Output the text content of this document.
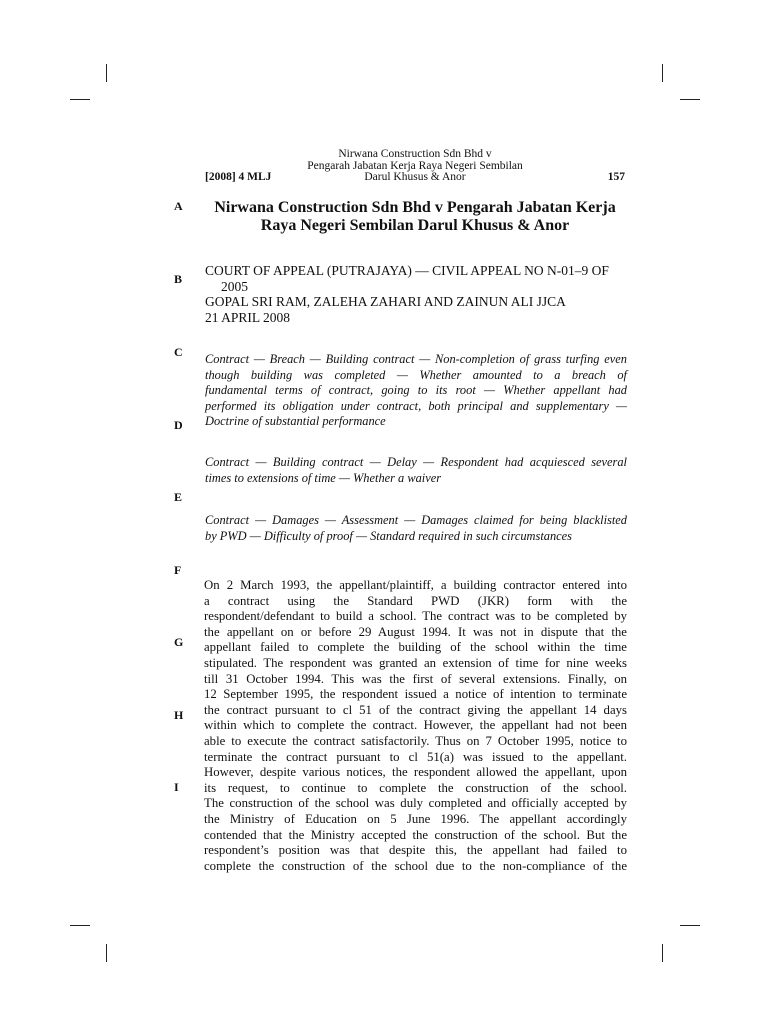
Nirwana Construction Sdn Bhd v
Pengarah Jabatan Kerja Raya Negeri Sembilan
Darul Khusus & Anor
[2008] 4 MLJ	157
A
B
C
D
E
F
G
H
I
Nirwana Construction Sdn Bhd v Pengarah Jabatan Kerja
Raya Negeri Sembilan Darul Khusus & Anor
COURT OF APPEAL (PUTRAJAYA) — CIVIL APPEAL NO N-01–9 OF
2005
GOPAL SRI RAM, ZALEHA ZAHARI AND ZAINUN ALI JJCA
21 APRIL 2008
Contract — Breach — Building contract — Non-completion of grass turfing even
though building was completed — Whether amounted to a breach of
fundamental terms of contract, going to its root — Whether appellant had
performed its obligation under contract, both principal and supplementary —
Doctrine of substantial performance
Contract — Building contract — Delay — Respondent had acquiesced several
times to extensions of time — Whether a waiver
Contract — Damages — Assessment — Damages claimed for being blacklisted
by PWD — Difficulty of proof — Standard required in such circumstances
On 2 March 1993, the appellant/plaintiff, a building contractor entered into
a contract using the Standard PWD (JKR) form with the
respondent/defendant to build a school. The contract was to be completed by
the appellant on or before 29 August 1994. It was not in dispute that the
appellant failed to complete the building of the school within the time
stipulated. The respondent was granted an extension of time for nine weeks
till 31 October 1994. This was the first of several extensions. Finally, on
12 September 1995, the respondent issued a notice of intention to terminate
the contract pursuant to cl 51 of the contract giving the appellant 14 days
within which to complete the contract. However, the appellant had not been
able to execute the contract satisfactorily. Thus on 7 October 1995, notice to
terminate the contract pursuant to cl 51(a) was issued to the appellant.
However, despite various notices, the respondent allowed the appellant, upon
its request, to continue to complete the construction of the school.
The construction of the school was duly completed and officially accepted by
the Ministry of Education on 5 June 1996. The appellant accordingly
contended that the Ministry accepted the construction of the school. But the
respondent’s position was that despite this, the appellant had failed to
complete the construction of the school due to the non-compliance of the
